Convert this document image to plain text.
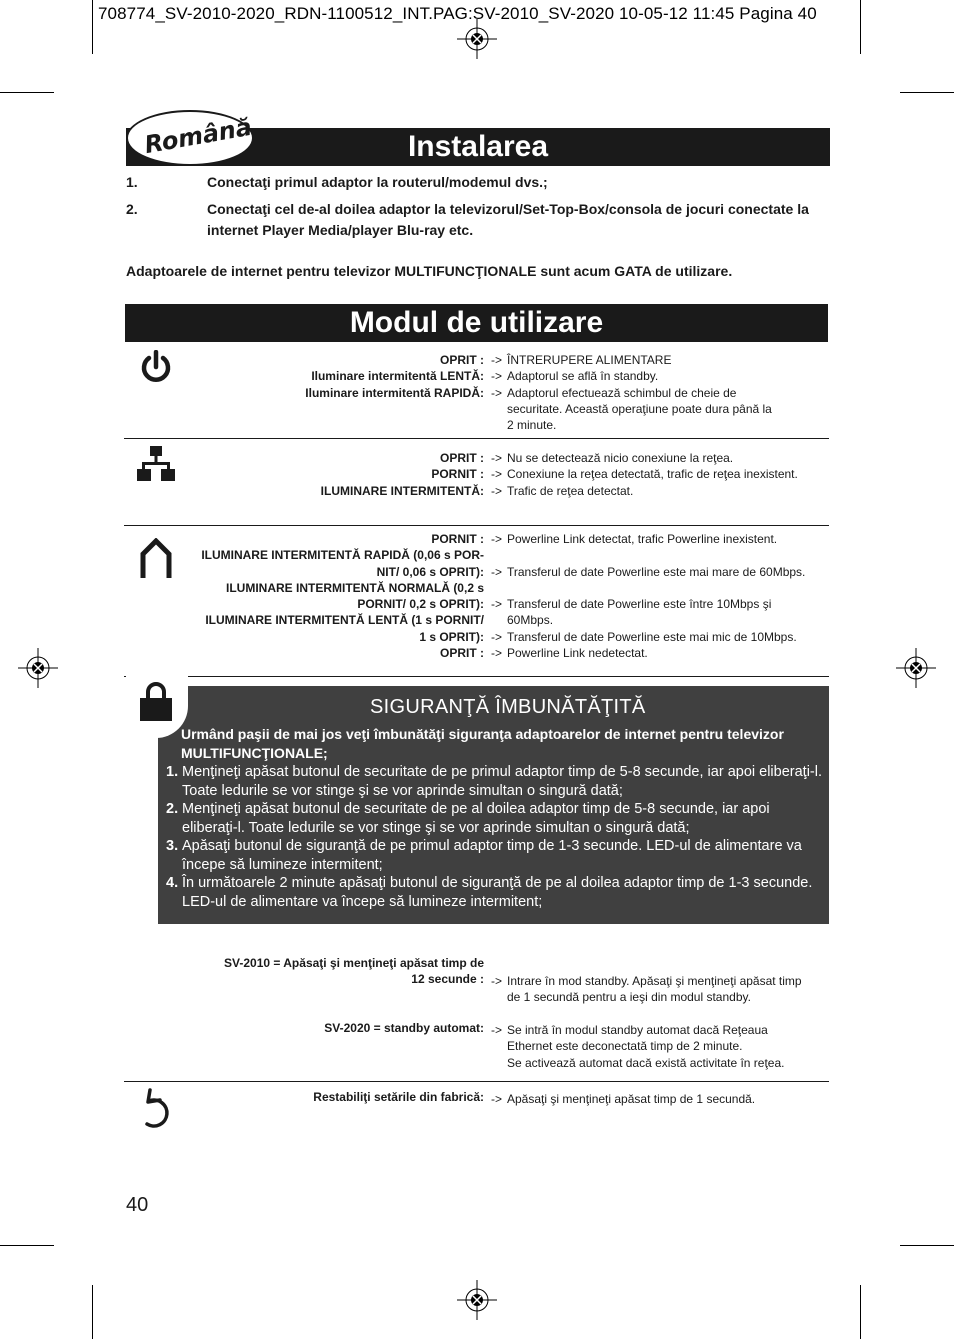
708774_SV-2010-2020_RDN-1100512_INT.PAG:SV-2010_SV-2020 10-05-12 11:45 Pagina 40
Instalarea
Română
1.	Conectaţi primul adaptor la routerul/modemul dvs.;
2.	Conectaţi cel de-al doilea adaptor la televizorul/Set-Top-Box/consola de jocuri conectate la internet Player Media/player Blu-ray etc.
Adaptoarele de internet pentru televizor MULTIFUNCŢIONALE sunt acum GATA de utilizare.
Modul de utilizare
OPRIT :
Iluminare intermitentă LENTĂ:
Iluminare intermitentă RAPIDĂ:
-> ÎNTRERUPERE ALIMENTARE
-> Adaptorul se află în standby.
-> Adaptorul efectuează schimbul de cheie de
securitate. Această operaţiune poate dura până la
2 minute.
OPRIT :
PORNIT :
ILUMINARE INTERMITENTĂ:
-> Nu se detectează nicio conexiune la reţea.
-> Conexiune la reţea detectată, trafic de reţea inexistent.
-> Trafic de reţea detectat.
PORNIT :
ILUMINARE INTERMITENTĂ RAPIDĂ (0,06 s POR-
NIT/ 0,06 s OPRIT):
ILUMINARE INTERMITENTĂ NORMALĂ (0,2 s
PORNIT/ 0,2 s OPRIT):
ILUMINARE INTERMITENTĂ LENTĂ (1 s PORNIT/
1 s OPRIT):
OPRIT :
-> Powerline Link detectat, trafic Powerline inexistent.
-> Transferul de date Powerline este mai mare de 60Mbps.
-> Transferul de date Powerline este între 10Mbps şi
60Mbps.
-> Transferul de date Powerline este mai mic de 10Mbps.
-> Powerline Link nedetectat.
SIGURANŢĂ ÎMBUNĂTĂŢITĂ
Urmând paşii de mai jos veţi îmbunătăţi siguranţa adaptoarelor de internet pentru televizor MULTIFUNCŢIONALE;
1. Menţineţi apăsat butonul de securitate de pe primul adaptor timp de 5-8 secunde, iar apoi eliberaţi-l. Toate ledurile se vor stinge şi se vor aprinde simultan o singură dată;
2. Menţineţi apăsat butonul de securitate de pe al doilea adaptor timp de 5-8 secunde, iar apoi eliberaţi-l. Toate ledurile se vor stinge şi se vor aprinde simultan o singură dată;
3. Apăsaţi butonul de siguranţă de pe primul adaptor timp de 1-3 secunde. LED-ul de alimentare va începe să lumineze intermitent;
4. În următoarele 2 minute apăsaţi butonul de siguranţă de pe al doilea adaptor timp de 1-3 secunde. LED-ul de alimentare va începe să lumineze intermitent;
SV-2010 = Apăsaţi şi menţineţi apăsat timp de
12 secunde : -> Intrare în mod standby. Apăsaţi şi menţineţi apăsat timp
de 1 secundă pentru a ieşi din modul standby.
SV-2020 = standby automat: -> Se intră în modul standby automat dacă Reţeaua
Ethernet este deconectată timp de 2 minute.
Se activează automat dacă există activitate în reţea.
Restabiliţi setările din fabrică: -> Apăsaţi şi menţineţi apăsat timp de 1 secundă.
40
